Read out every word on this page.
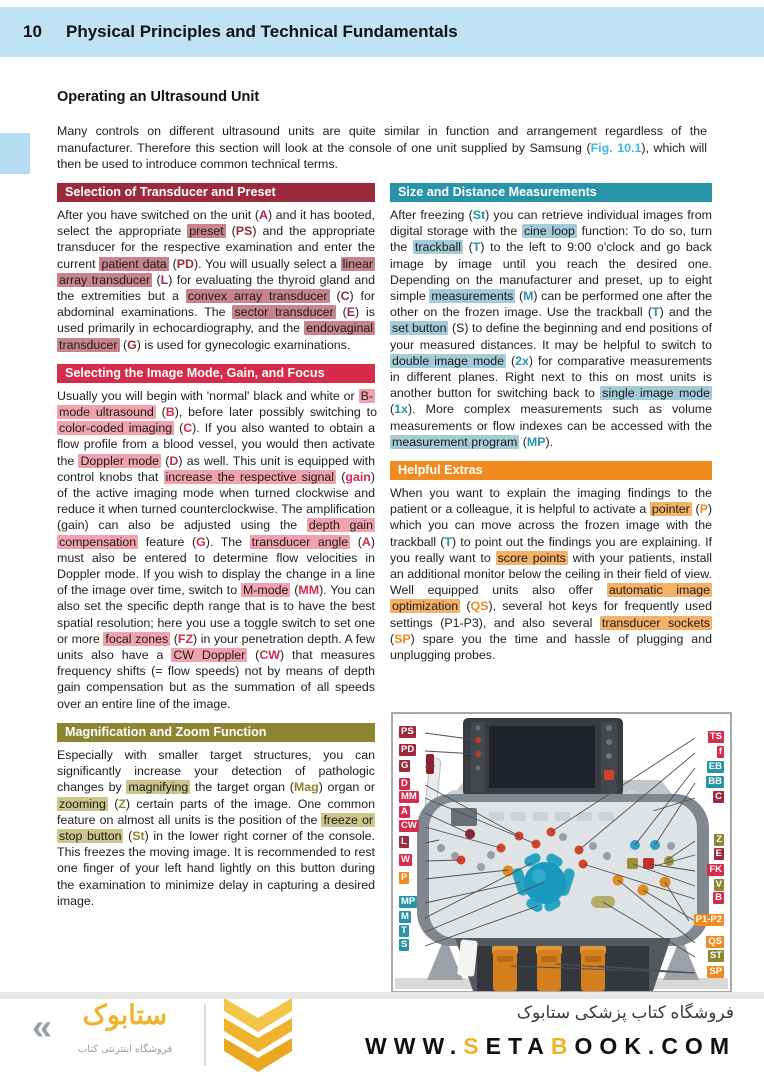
10 Physical Principles and Technical Fundamentals
Operating an Ultrasound Unit

Many controls on different ultrasound units are quite similar in function and arrangement regardless of the manufacturer. Therefore this section will look at the console of one unit supplied by Samsung (Fig. 10.1), which will then be used to introduce common technical terms.

Selection of Transducer and Preset

After you have switched on the unit (A) and it has booted, select the appropriate preset (PS) and the appropriate transducer for the respective examination and enter the current patient data (PD). You will usually select a linear array transducer (L) for evaluating the thyroid gland and the extremities but a convex array transducer (C) for abdominal examinations. The sector transducer (E) is used primarily in echocardiography, and the endovaginal transducer (G) is used for gynecologic examinations.

Selecting the Image Mode, Gain, and Focus

Usually you will begin with 'normal' black and white or B-mode ultrasound (B), before later possibly switching to color-coded imaging (C). If you also wanted to obtain a flow profile from a blood vessel, you would then activate the Doppler mode (D) as well. This unit is equipped with control knobs that increase the respective signal (gain) of the active imaging mode when turned clockwise and reduce it when turned counterclockwise. The amplification (gain) can also be adjusted using the depth gain compensation feature (G). The transducer angle (A) must also be entered to determine flow velocities in Doppler mode. If you wish to display the change in a line of the image over time, switch to M-mode (MM). You can also set the specific depth range that is to have the best spatial resolution; here you use a toggle switch to set one or more focal zones (FZ) in your penetration depth. A few units also have a CW Doppler (CW) that measures frequency shifts (= flow speeds) not by means of depth gain compensation but as the summation of all speeds over an entire line of the image.

Magnification and Zoom Function

Especially with smaller target structures, you can significantly increase your detection of pathologic changes by magnifying the target organ (Mag) organ or zooming (Z) certain parts of the image. One common feature on almost all units is the position of the freeze or stop button (St) in the lower right corner of the console. This freezes the moving image. It is recommended to rest one finger of your left hand lightly on this button during the examination to minimize delay in capturing a desired image.

Size and Distance Measurements

After freezing (St) you can retrieve individual images from digital storage with the cine loop function: To do so, turn the trackball (T) to the left to 9:00 o'clock and go back image by image until you reach the desired one. Depending on the manufacturer and preset, up to eight simple measurements (M) can be performed one after the other on the frozen image. Use the trackball (T) and the set button (S) to define the beginning and end positions of your measured distances. It may be helpful to switch to double image mode (2x) for comparative measurements in different planes. Right next to this on most units is another button for switching back to single image mode (1x). More complex measurements such as volume measurements or flow indexes can be accessed with the measurement program (MP).

Helpful Extras

When you want to explain the imaging findings to the patient or a colleague, it is helpful to activate a pointer (P) which you can move across the frozen image with the trackball (T) to point out the findings you are explaining. If you really want to score points with your patients, install an additional monitor below the ceiling in their field of view. Well equipped units also offer automatic image optimization (QS), several hot keys for frequently used settings (P1-P3), and also several transducer sockets (SP) spare you the time and hassle of plugging and unplugging probes.

PS
PD
G
D
MM
A
CW
L
W
P
MP
M
T
S
TS
f
EB
BB
C
Z
E
FK
V
B
P1-P2
QS
ST
SP
فروشگاه کتاب پزشکی ستابوک
WWW.SETABOOK.COM
«	ستابوک
فروشگاه اینترنتی کتاب
